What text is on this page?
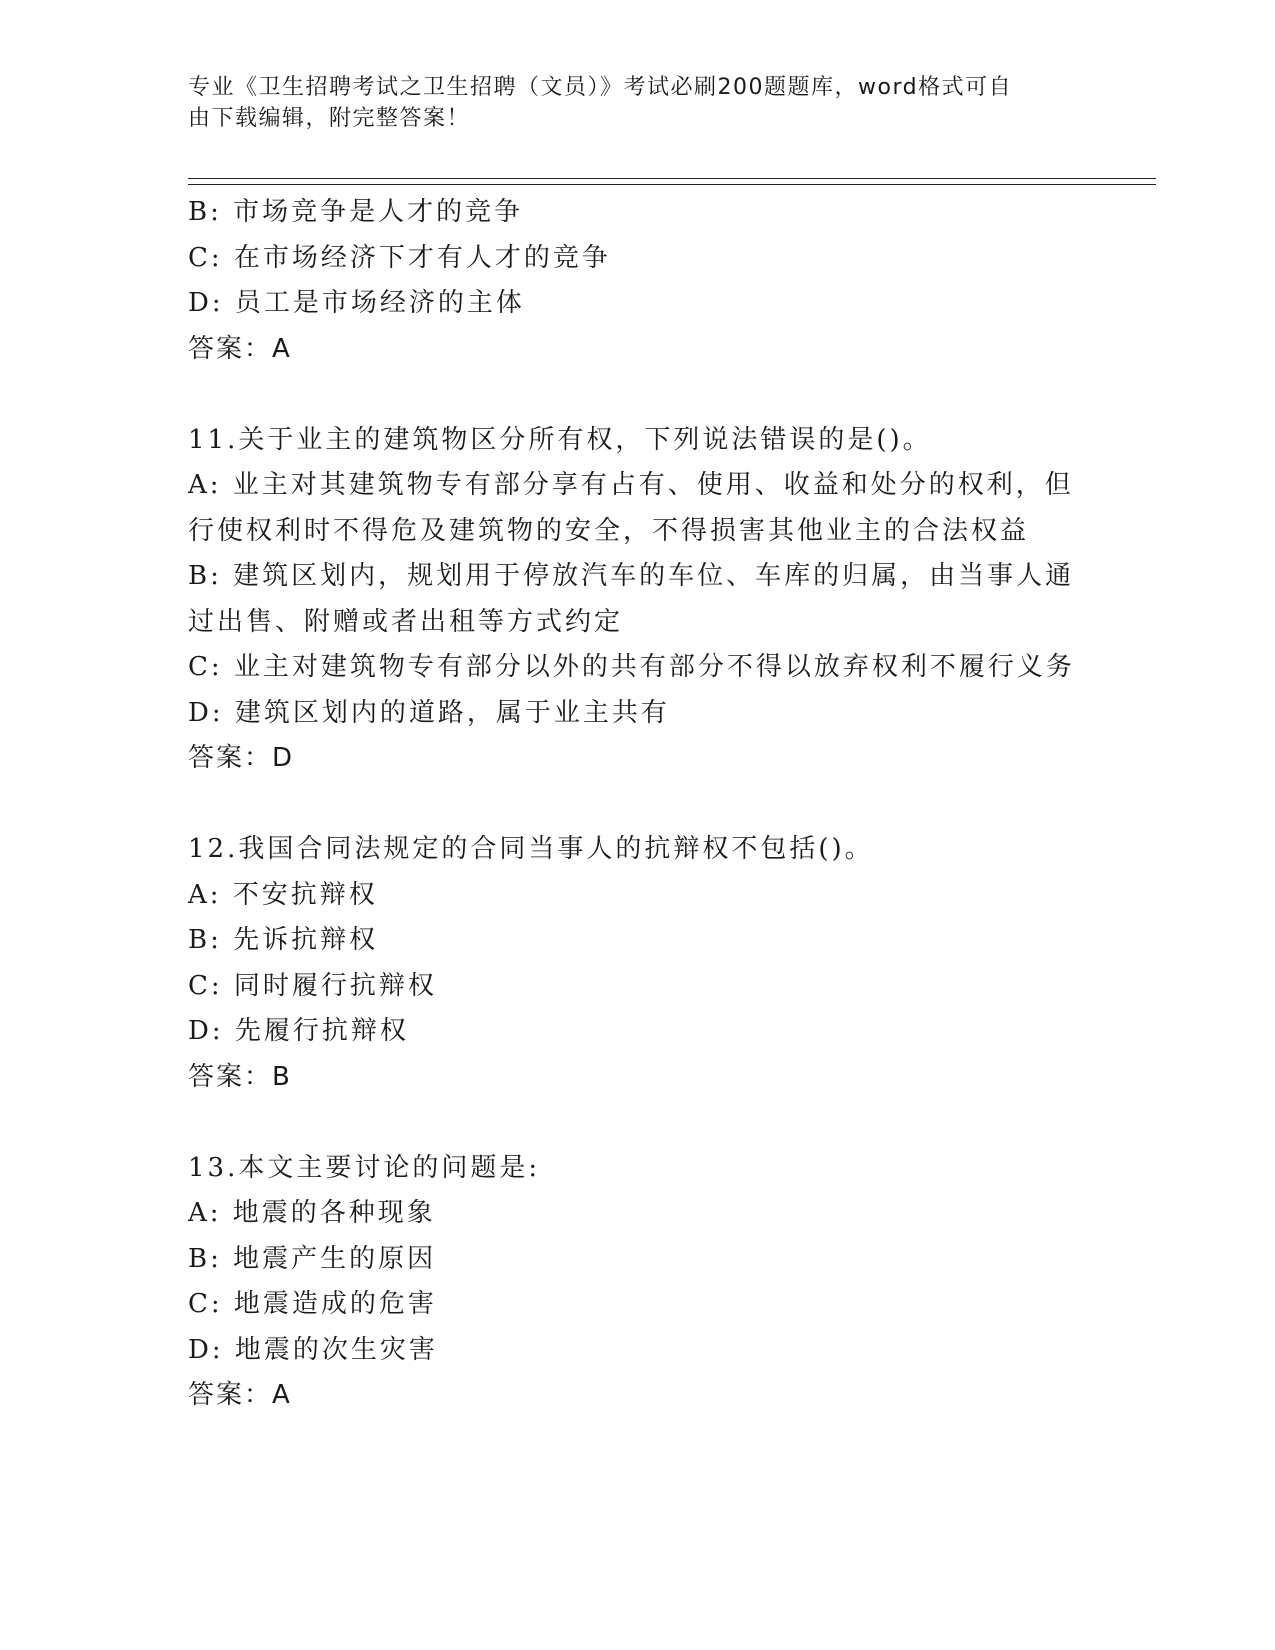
专业《卫生招聘考试之卫生招聘（文员）》考试必刷200题题库，word格式可自
由下载编辑，附完整答案！
B: 市场竞争是人才的竞争
C: 在市场经济下才有人才的竞争
D: 员工是市场经济的主体
答案：A
11.关于业主的建筑物区分所有权，下列说法错误的是()。
A: 业主对其建筑物专有部分享有占有、使用、收益和处分的权利，但
行使权利时不得危及建筑物的安全，不得损害其他业主的合法权益
B: 建筑区划内，规划用于停放汽车的车位、车库的归属，由当事人通
过出售、附赠或者出租等方式约定
C: 业主对建筑物专有部分以外的共有部分不得以放弃权利不履行义务
D: 建筑区划内的道路，属于业主共有
答案：D
12.我国合同法规定的合同当事人的抗辩权不包括()。
A: 不安抗辩权
B: 先诉抗辩权
C: 同时履行抗辩权
D: 先履行抗辩权
答案：B
13.本文主要讨论的问题是:
A: 地震的各种现象
B: 地震产生的原因
C: 地震造成的危害
D: 地震的次生灾害
答案：A
